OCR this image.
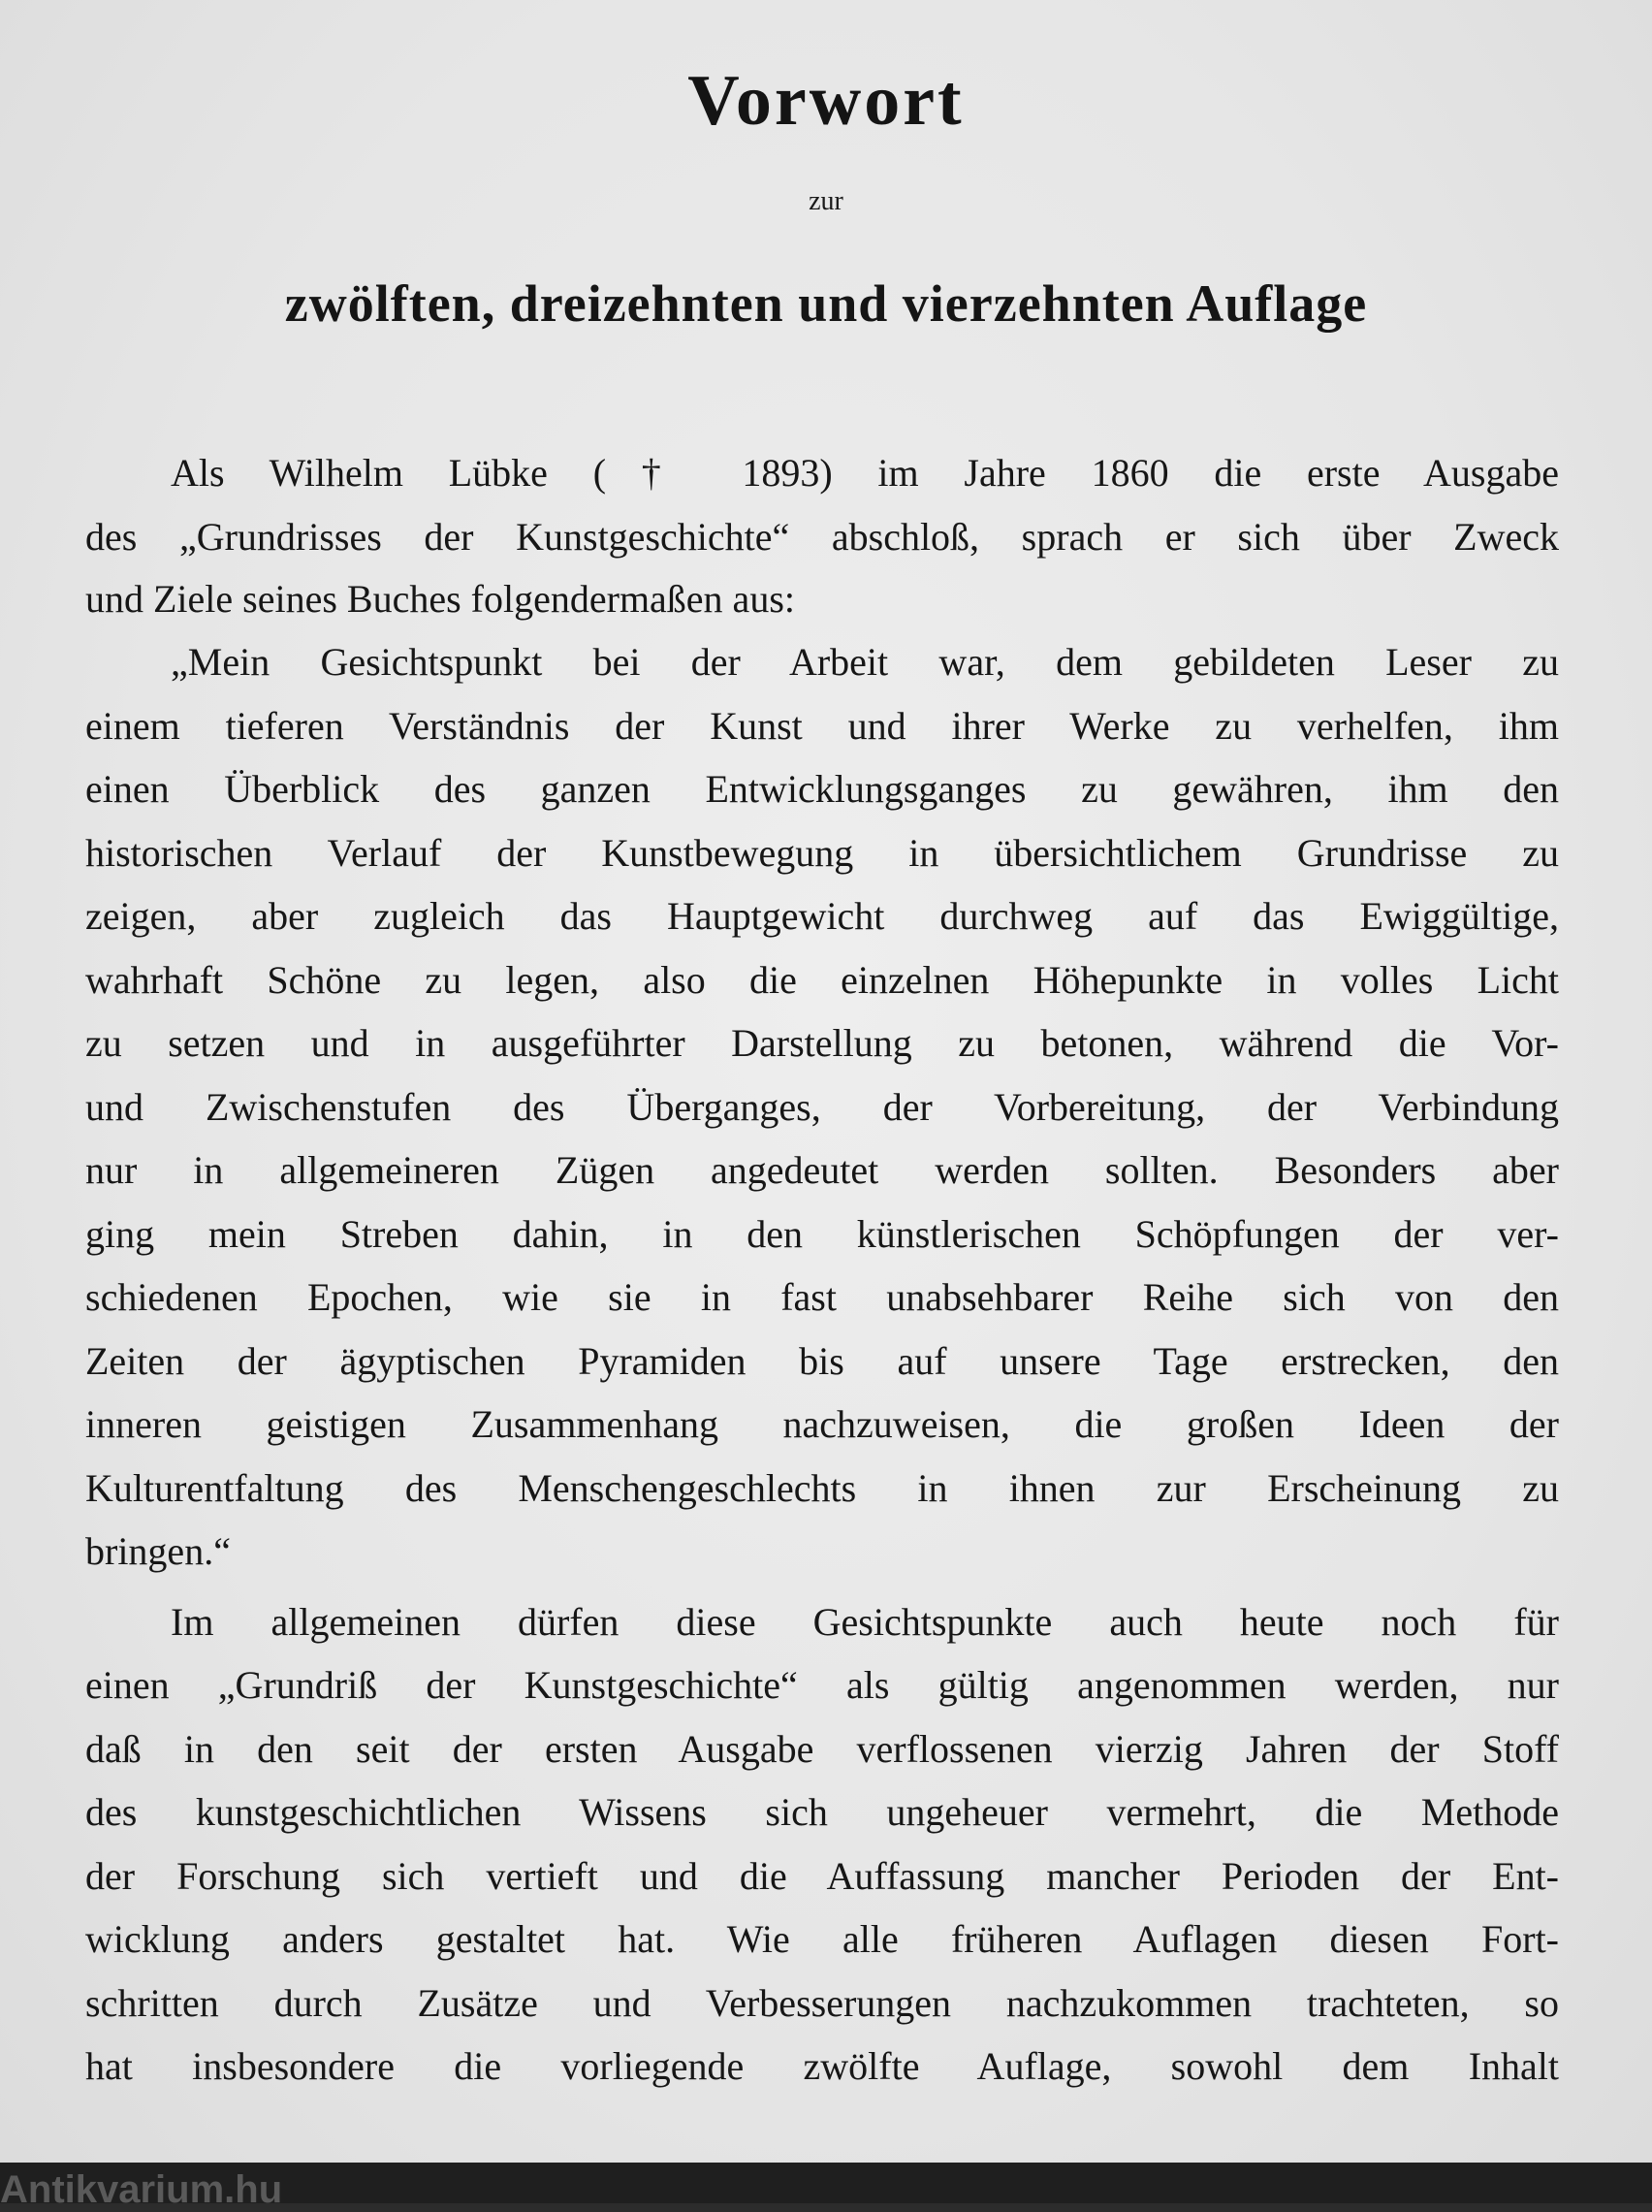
Vorwort
zur
zwölften, dreizehnten und vierzehnten Auflage
Als Wilhelm Lübke († 1893) im Jahre 1860 die erste Ausgabe
des „Grundrisses der Kunstgeschichte“ abschloß, sprach er sich über Zweck
und Ziele seines Buches folgendermaßen aus:
„Mein Gesichtspunkt bei der Arbeit war, dem gebildeten Leser zu
einem tieferen Verständnis der Kunst und ihrer Werke zu verhelfen, ihm
einen Überblick des ganzen Entwicklungsganges zu gewähren, ihm den
historischen Verlauf der Kunstbewegung in übersichtlichem Grundrisse zu
zeigen, aber zugleich das Hauptgewicht durchweg auf das Ewiggültige,
wahrhaft Schöne zu legen, also die einzelnen Höhepunkte in volles Licht
zu setzen und in ausgeführter Darstellung zu betonen, während die Vor-
und Zwischenstufen des Überganges, der Vorbereitung, der Verbindung
nur in allgemeineren Zügen angedeutet werden sollten. Besonders aber
ging mein Streben dahin, in den künstlerischen Schöpfungen der ver-
schiedenen Epochen, wie sie in fast unabsehbarer Reihe sich von den
Zeiten der ägyptischen Pyramiden bis auf unsere Tage erstrecken, den
inneren geistigen Zusammenhang nachzuweisen, die großen Ideen der
Kulturentfaltung des Menschengeschlechts in ihnen zur Erscheinung zu
bringen.“
Im allgemeinen dürfen diese Gesichtspunkte auch heute noch für
einen „Grundriß der Kunstgeschichte“ als gültig angenommen werden, nur
daß in den seit der ersten Ausgabe verflossenen vierzig Jahren der Stoff
des kunstgeschichtlichen Wissens sich ungeheuer vermehrt, die Methode
der Forschung sich vertieft und die Auffassung mancher Perioden der Ent-
wicklung anders gestaltet hat. Wie alle früheren Auflagen diesen Fort-
schritten durch Zusätze und Verbesserungen nachzukommen trachteten, so
hat insbesondere die vorliegende zwölfte Auflage, sowohl dem Inhalt
Antikvarium.hu
